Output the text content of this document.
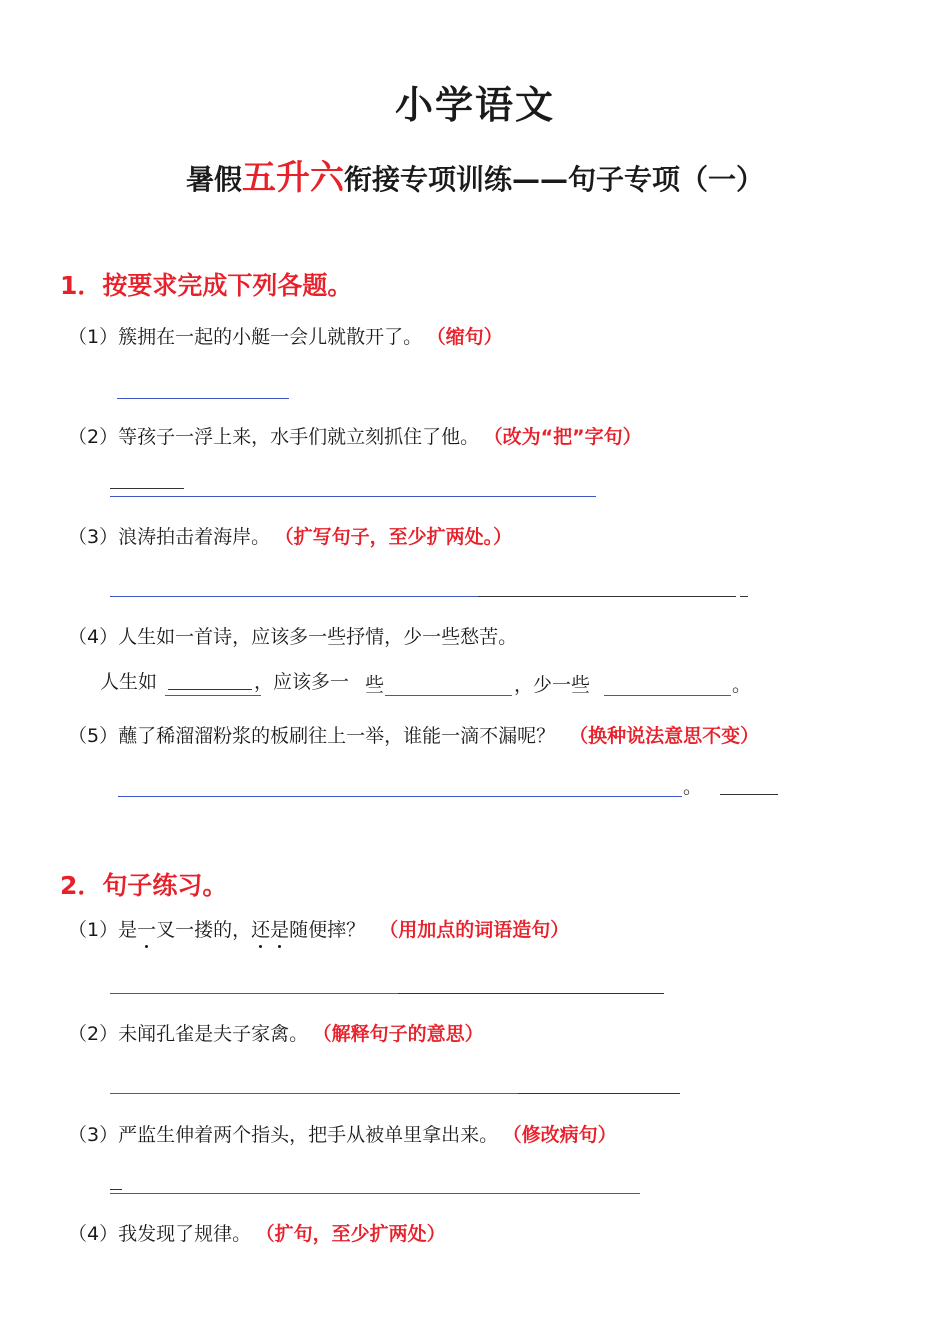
小学语文
暑假五升六衔接专项训练——句子专项（一）
1．按要求完成下列各题。
（1）簇拥在一起的小艇一会儿就散开了。 （缩句）
（2）等孩子一浮上来，水手们就立刻抓住了他。 （改为“把”字句）
（3）浪涛拍击着海岸。 （扩写句子，至少扩两处。）
（4）人生如一首诗，应该多一些抒情，少一些愁苦。
人生如	，应该多一 些	，少一些	。
（5）蘸了稀溜溜粉浆的板刷往上一举，谁能一滴不漏呢？ （换种说法意思不变）
。
2．句子练习。
（1）是一叉一搂的，还是随便摔？ （用加点的词语造句）
（2）未闻孔雀是夫子家禽。 （解释句子的意思）
（3）严监生伸着两个指头，把手从被单里拿出来。 （修改病句）
（4）我发现了规律。 （扩句，至少扩两处）
